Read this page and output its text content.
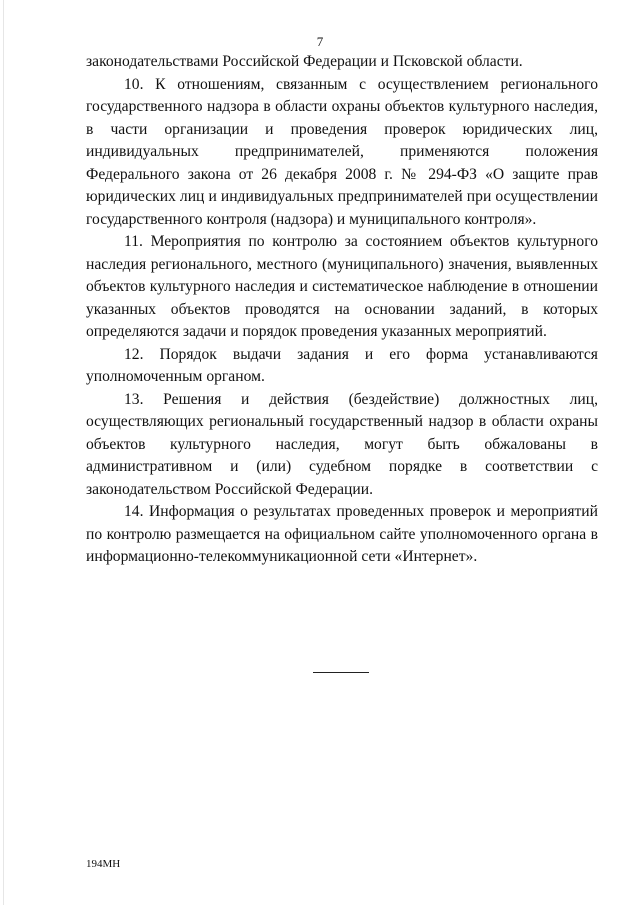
7

законодательствами Российской Федерации и Псковской области.

10. К отношениям, связанным с осуществлением регионального государственного надзора в области охраны объектов культурного наследия, в части организации и проведения проверок юридических лиц, индивидуальных предпринимателей, применяются положения Федерального закона от 26 декабря 2008 г. № 294-ФЗ «О защите прав юридических лиц и индивидуальных предпринимателей при осуществлении государственного контроля (надзора) и муниципального контроля».

11. Мероприятия по контролю за состоянием объектов культурного наследия регионального, местного (муниципального) значения, выявленных объектов культурного наследия и систематическое наблюдение в отношении указанных объектов проводятся на основании заданий, в которых определяются задачи и порядок проведения указанных мероприятий.

12. Порядок выдачи задания и его форма устанавливаются уполномоченным органом.

13. Решения и действия (бездействие) должностных лиц, осуществляющих региональный государственный надзор в области охраны объектов культурного наследия, могут быть обжалованы в административном и (или) судебном порядке в соответствии с законодательством Российской Федерации.

14. Информация о результатах проведенных проверок и мероприятий по контролю размещается на официальном сайте уполномоченного органа в информационно-телекоммуникационной сети «Интернет».

194МН
